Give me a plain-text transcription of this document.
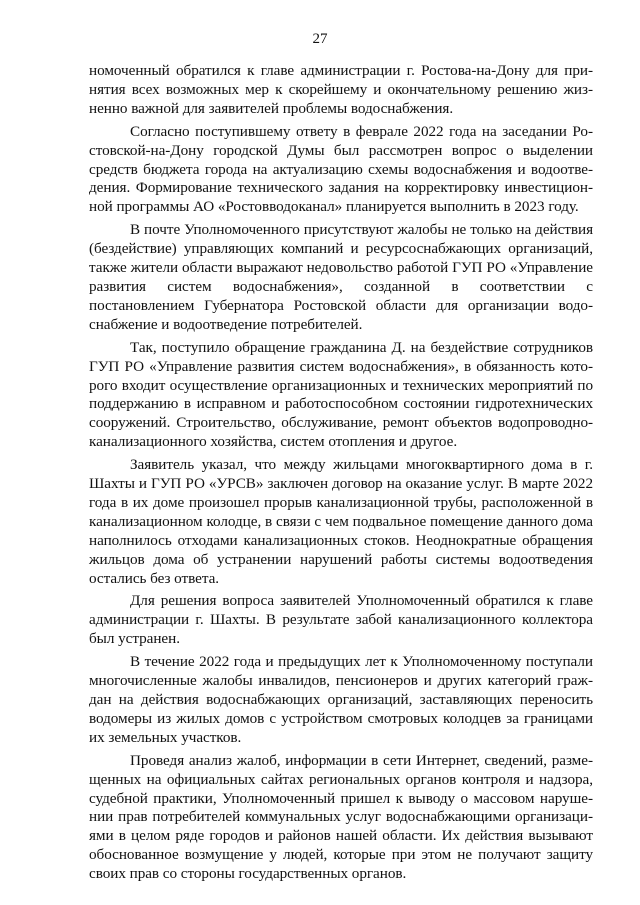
27

номоченный обратился к главе администрации г. Ростова-на-Дону для принятия всех возможных мер к скорейшему и окончательному решению жизненно важной для заявителей проблемы водоснабжения.

Согласно поступившему ответу в феврале 2022 года на заседании Ростовской-на-Дону городской Думы был рассмотрен вопрос о выделении средств бюджета города на актуализацию схемы водоснабжения и водоотведения. Формирование технического задания на корректировку инвестиционной программы АО «Ростовводоканал» планируется выполнить в 2023 году.

В почте Уполномоченного присутствуют жалобы не только на действия (бездействие) управляющих компаний и ресурсоснабжающих организаций, также жители области выражают недовольство работой ГУП РО «Управление развития систем водоснабжения», созданной в соответствии с постановлением Губернатора Ростовской области для организации водоснабжение и водоотведение потребителей.

Так, поступило обращение гражданина Д. на бездействие сотрудников ГУП РО «Управление развития систем водоснабжения», в обязанность которого входит осуществление организационных и технических мероприятий по поддержанию в исправном и работоспособном состоянии гидротехнических сооружений. Строительство, обслуживание, ремонт объектов водопроводно-канализационного хозяйства, систем отопления и другое.

Заявитель указал, что между жильцами многоквартирного дома в г. Шахты и ГУП РО «УРСВ» заключен договор на оказание услуг. В марте 2022 года в их доме произошел прорыв канализационной трубы, расположенной в канализационном колодце, в связи с чем подвальное помещение данного дома наполнилось отходами канализационных стоков. Неоднократные обращения жильцов дома об устранении нарушений работы системы водоотведения остались без ответа.

Для решения вопроса заявителей Уполномоченный обратился к главе администрации г. Шахты. В результате забой канализационного коллектора был устранен.

В течение 2022 года и предыдущих лет к Уполномоченному поступали многочисленные жалобы инвалидов, пенсионеров и других категорий граждан на действия водоснабжающих организаций, заставляющих переносить водомеры из жилых домов с устройством смотровых колодцев за границами их земельных участков.

Проведя анализ жалоб, информации в сети Интернет, сведений, размещенных на официальных сайтах региональных органов контроля и надзора, судебной практики, Уполномоченный пришел к выводу о массовом нарушении прав потребителей коммунальных услуг водоснабжающими организациями в целом ряде городов и районов нашей области. Их действия вызывают обоснованное возмущение у людей, которые при этом не получают защиту своих прав со стороны государственных органов.
